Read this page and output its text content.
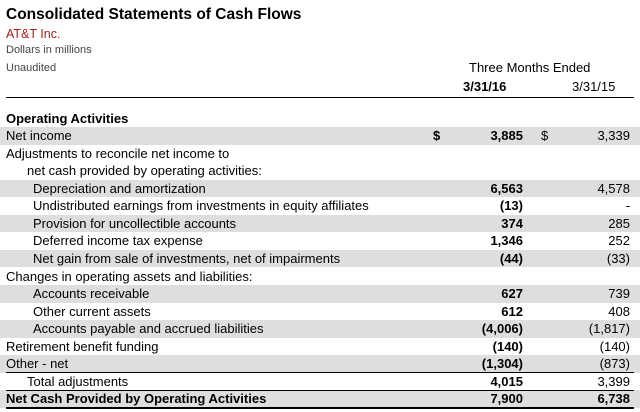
Consolidated Statements of Cash Flows
AT&T Inc.
Dollars in millions
Unaudited	Three Months Ended
3/31/16	3/31/15
Operating Activities
Net income	$	3,885 $	3,339
Adjustments to reconcile net income to
net cash provided by operating activities:
Depreciation and amortization	6,563	4,578
Undistributed earnings from investments in equity affiliates	(13)	-
Provision for uncollectible accounts	374	285
Deferred income tax expense	1,346	252
Net gain from sale of investments, net of impairments	(44)	(33)
Changes in operating assets and liabilities:
Accounts receivable	627	739
Other current assets	612	408
Accounts payable and accrued liabilities	(4,006)	(1,817)
Retirement benefit funding	(140)	(140)
Other - net	(1,304)	(873)
Total adjustments	4,015	3,399
Net Cash Provided by Operating Activities	7,900	6,738
